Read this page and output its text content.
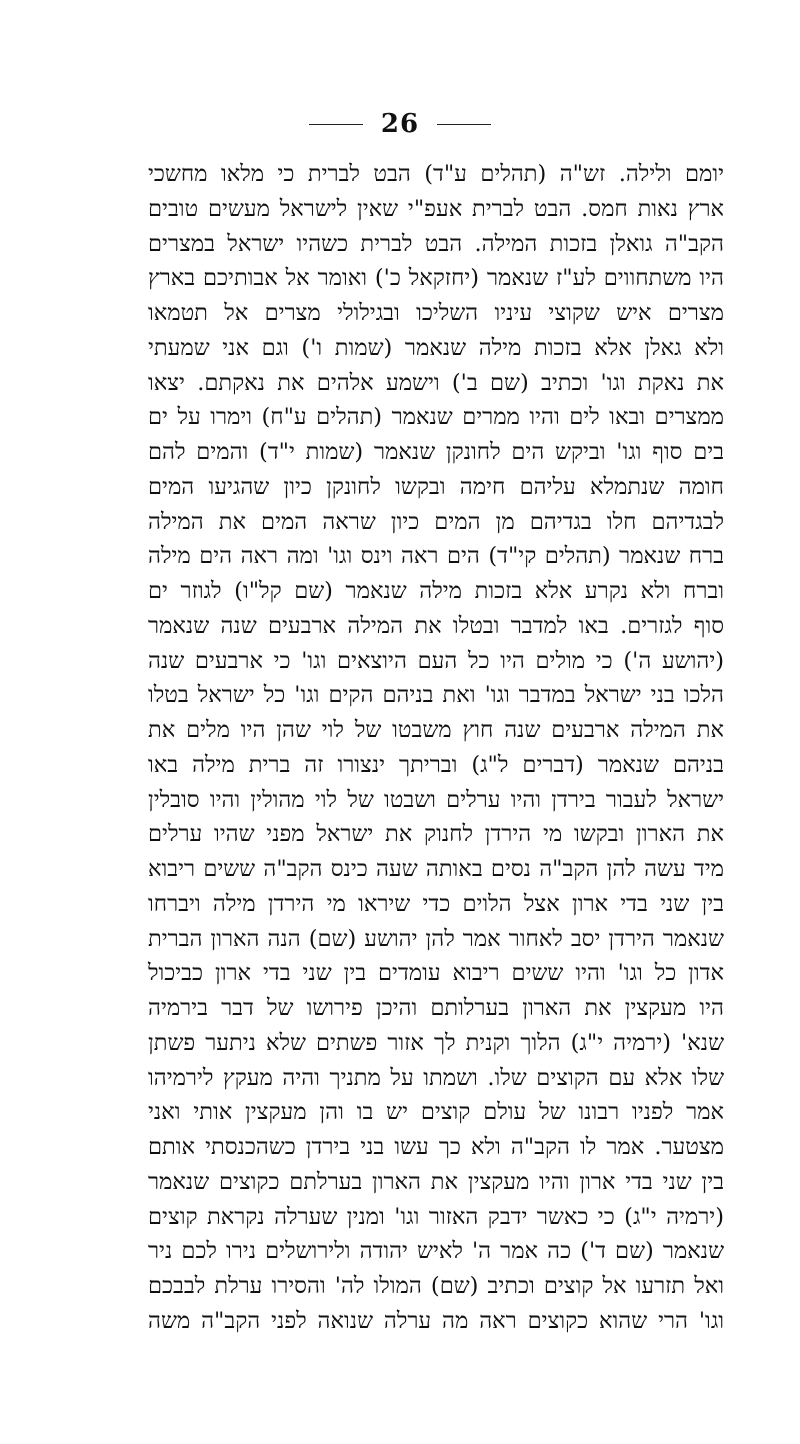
26
יומם ולילה. זש"ה (תהלים ע"ד) הבט לברית כי מלאו מחשכי
ארץ נאות חמס. הבט לברית אעפ"י שאין לישראל מעשים טובים
הקב"ה גואלן בזכות המילה. הבט לברית כשהיו ישראל במצרים
היו משתחווים לע"ז שנאמר (יחזקאל כ') ואומר אל אבותיכם בארץ
מצרים איש שקוצי עיניו השליכו ובגילולי מצרים אל תטמאו
ולא גאלן אלא בזכות מילה שנאמר (שמות ו') וגם אני שמעתי
את נאקת וגו' וכתיב (שם ב') וישמע אלהים את נאקתם. יצאו
ממצרים ובאו לים והיו ממרים שנאמר (תהלים ע"ח) וימרו על ים
בים סוף וגו' וביקש הים לחונקן שנאמר (שמות י"ד) והמים להם
חומה שנתמלא עליהם חימה ובקשו לחונקן כיון שהגיעו המים
לבגדיהם חלו בגדיהם מן המים כיון שראה המים את המילה
ברח שנאמר (תהלים קי"ד) הים ראה וינס וגו' ומה ראה הים מילה
וברח ולא נקרע אלא בזכות מילה שנאמר (שם קל"ו) לגוזר ים
סוף לגזרים. באו למדבר ובטלו את המילה ארבעים שנה שנאמר
(יהושע ה') כי מולים היו כל העם היוצאים וגו' כי ארבעים שנה
הלכו בני ישראל במדבר וגו' ואת בניהם הקים וגו' כל ישראל בטלו
את המילה ארבעים שנה חוץ משבטו של לוי שהן היו מלים את
בניהם שנאמר (דברים ל"ג) ובריתך ינצורו זה ברית מילה באו
ישראל לעבור בירדן והיו ערלים ושבטו של לוי מהולין והיו סובלין
את הארון ובקשו מי הירדן לחנוק את ישראל מפני שהיו ערלים
מיד עשה להן הקב"ה נסים באותה שעה כינס הקב"ה ששים ריבוא
בין שני בדי ארון אצל הלוים כדי שיראו מי הירדן מילה ויברחו
שנאמר הירדן יסב לאחור אמר להן יהושע (שם) הנה הארון הברית
אדון כל וגו' והיו ששים ריבוא עומדים בין שני בדי ארון כביכול
היו מעקצין את הארון בערלותם והיכן פירושו של דבר בירמיה
שנא' (ירמיה י"ג) הלוך וקנית לך אזור פשתים שלא ניתער פשתן
שלו אלא עם הקוצים שלו. ושמתו על מתניך והיה מעקץ לירמיהו
אמר לפניו רבונו של עולם קוצים יש בו והן מעקצין אותי ואני
מצטער. אמר לו הקב"ה ולא כך עשו בני בירדן כשהכנסתי אותם
בין שני בדי ארון והיו מעקצין את הארון בערלתם כקוצים שנאמר
(ירמיה י"ג) כי כאשר ידבק האזור וגו' ומנין שערלה נקראת קוצים
שנאמר (שם ד') כה אמר ה' לאיש יהודה ולירושלים נירו לכם ניר
ואל תזרעו אל קוצים וכתיב (שם) המולו לה' והסירו ערלת לבבכם
וגו' הרי שהוא כקוצים ראה מה ערלה שנואה לפני הקב"ה משה
